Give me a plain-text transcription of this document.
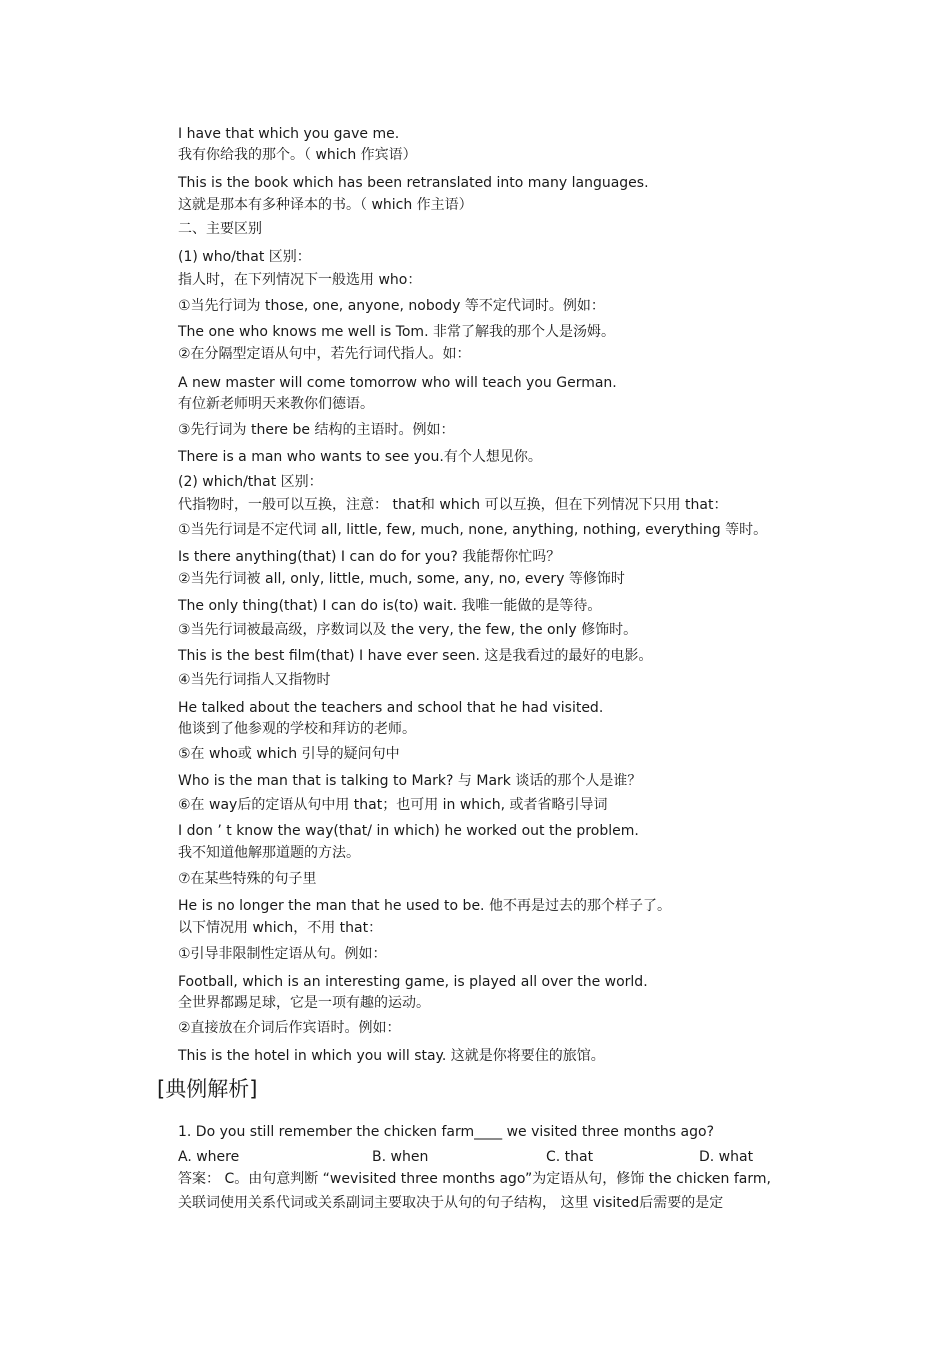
I have that which you gave me.
我有你给我的那个。（ which 作宾语）
This is the book which has been retranslated into many languages.
这就是那本有多种译本的书。（ which 作主语）
二、主要区别
(1) who/that 区别：
指人时，在下列情况下一般选用 who：
①当先行词为 those, one, anyone, nobody 等不定代词时。例如：
The one who knows me well is Tom. 非常了解我的那个人是汤姆。
②在分隔型定语从句中，若先行词代指人。如：
A new master will come tomorrow who will teach you German.
有位新老师明天来教你们德语。
③先行词为 there be 结构的主语时。例如：
There is a man who wants to see you.有个人想见你。
(2) which/that 区别：
代指物时，一般可以互换，注意： that和 which 可以互换，但在下列情况下只用 that：
①当先行词是不定代词 all, little, few, much, none, anything, nothing, everything 等时。
Is there anything(that) I can do for you? 我能帮你忙吗？
②当先行词被 all, only, little, much, some, any, no, every 等修饰时
The only thing(that) I can do is(to) wait. 我唯一能做的是等待。
③当先行词被最高级，序数词以及 the very, the few, the only 修饰时。
This is the best film(that) I have ever seen. 这是我看过的最好的电影。
④当先行词指人又指物时
He talked about the teachers and school that he had visited.
他谈到了他参观的学校和拜访的老师。
⑤在 who或 which 引导的疑问句中
Who is the man that is talking to Mark? 与 Mark 谈话的那个人是谁？
⑥在 way后的定语从句中用 that；也可用 in which, 或者省略引导词
I don ’ t know the way(that/ in which) he worked out the problem.
我不知道他解那道题的方法。
⑦在某些特殊的句子里
He is no longer the man that he used to be. 他不再是过去的那个样子了。
以下情况用 which，不用 that：
①引导非限制性定语从句。例如：
Football, which is an interesting game, is played all over the world.
全世界都踢足球，它是一项有趣的运动。
②直接放在介词后作宾语时。例如：
This is the hotel in which you will stay. 这就是你将要住的旅馆。
[典例解析]
1. Do you still remember the chicken farm____ we visited three months ago?
A. where	B. when	C. that	D. what
答案： C。由句意判断 “wevisited three months ago”为定语从句，修饰 the chicken farm,
关联词使用关系代词或关系副词主要取决于从句的句子结构， 这里 visited后需要的是定
